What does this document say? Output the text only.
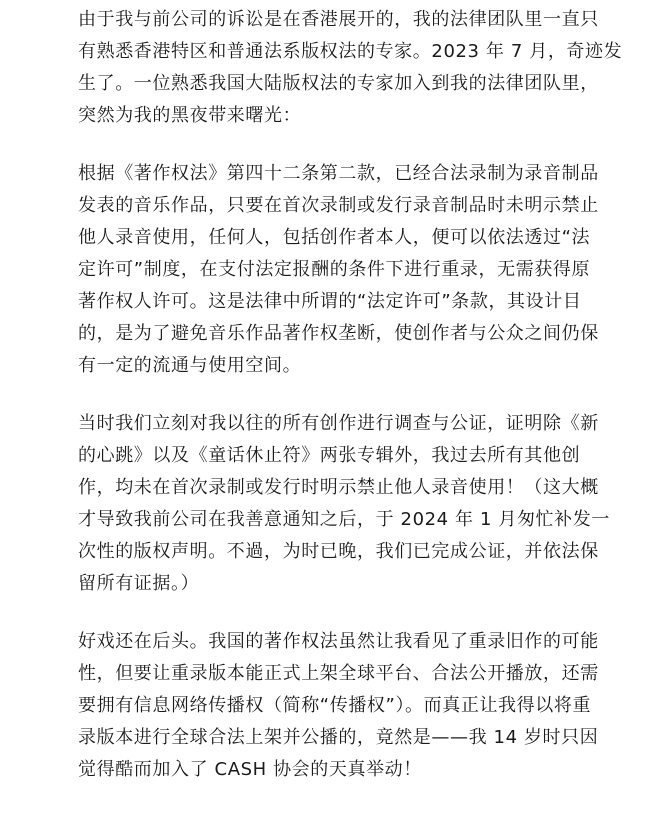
由于我与前公司的诉讼是在香港展开的，我的法律团队里一直只
有熟悉香港特区和普通法系版权法的专家。2023 年 7 月，奇迹发
生了。一位熟悉我国大陆版权法的专家加入到我的法律团队里，
突然为我的黑夜带来曙光：
根据《著作权法》第四十二条第二款，已经合法录制为录音制品
发表的音乐作品，只要在首次录制或发行录音制品时未明示禁止
他人录音使用，任何人，包括创作者本人，便可以依法透过“法
定许可”制度，在支付法定报酬的条件下进行重录，无需获得原
著作权人许可。这是法律中所谓的“法定许可”条款，其设计目
的，是为了避免音乐作品著作权垄断，使创作者与公众之间仍保
有一定的流通与使用空间。
当时我们立刻对我以往的所有创作进行调查与公证，证明除《新
的心跳》以及《童话休止符》两张专辑外，我过去所有其他创
作，均未在首次录制或发行时明示禁止他人录音使用！（这大概
才导致我前公司在我善意通知之后，于 2024 年 1 月匆忙补发一
次性的版权声明。不過，为时已晚，我们已完成公证，并依法保
留所有证据。）
好戏还在后头。我国的著作权法虽然让我看见了重录旧作的可能
性，但要让重录版本能正式上架全球平台、合法公开播放，还需
要拥有信息网络传播权（简称“传播权”）。而真正让我得以将重
录版本进行全球合法上架并公播的，竟然是——我 14 岁时只因
觉得酷而加入了 CASH 协会的天真举动！
